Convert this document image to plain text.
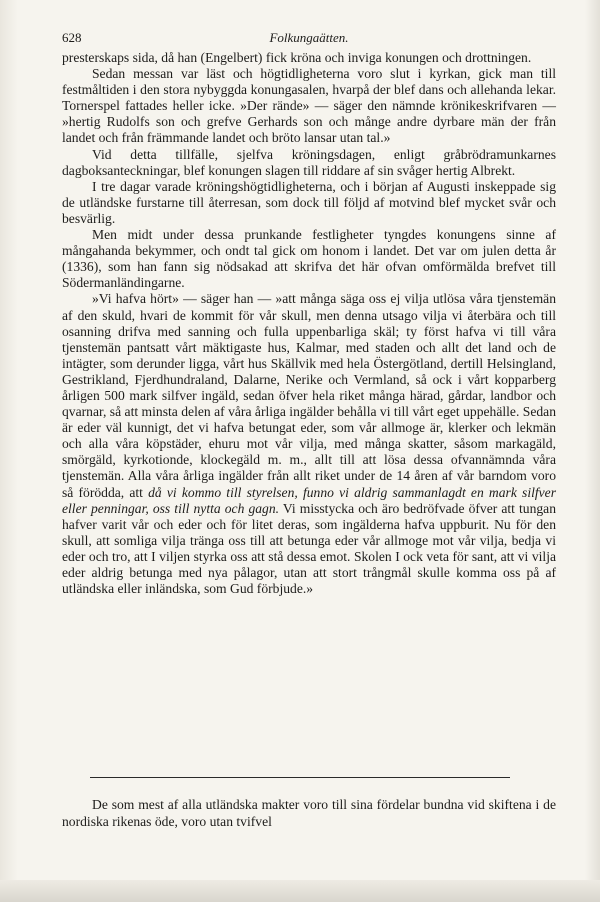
628	Folkungaätten.

presterskaps sida, då han (Engelbert) fick kröna och inviga konungen och drottningen.

Sedan messan var läst och högtidligheterna voro slut i kyrkan, gick man till festmåltiden i den stora nybyggda konungasalen, hvarpå der blef dans och allehanda lekar. Tornerspel fattades heller icke. »Der rände» — säger den nämnde krönikeskrifvaren — »hertig Rudolfs son och grefve Gerhards son och månge andre dyrbare män der från landet och från främmande landet och bröto lansar utan tal.»

Vid detta tillfälle, sjelfva kröningsdagen, enligt gråbrödramunkarnes dagboksanteckningar, blef konungen slagen till riddare af sin svåger hertig Albrekt.

I tre dagar varade kröningshögtidligheterna, och i början af Augusti inskeppade sig de utländske furstarne till återresan, som dock till följd af motvind blef mycket svår och besvärlig.

Men midt under dessa prunkande festligheter tyngdes konungens sinne af mångahanda bekymmer, och ondt tal gick om honom i landet. Det var om julen detta år (1336), som han fann sig nödsakad att skrifva det här ofvan omförmälda brefvet till Södermanländingarne.

»Vi hafva hört» — säger han — »att många säga oss ej vilja utlösa våra tjenstemän af den skuld, hvari de kommit för vår skull, men denna utsago vilja vi återbära och till osanning drifva med sanning och fulla uppenbarliga skäl; ty först hafva vi till våra tjenstemän pantsatt vårt mäktigaste hus, Kalmar, med staden och allt det land och de intägter, som derunder ligga, vårt hus Skällvik med hela Östergötland, dertill Helsingland, Gestrikland, Fjerdhundraland, Dalarne, Nerike och Vermland, så ock i vårt kopparberg årligen 500 mark silfver ingäld, sedan öfver hela riket många härad, gårdar, landbor och qvarnar, så att minsta delen af våra årliga ingälder behålla vi till vårt eget uppehälle. Sedan är eder väl kunnigt, det vi hafva betungat eder, som vår allmoge är, klerker och lekmän och alla våra köpstäder, ehuru mot vår vilja, med många skatter, såsom markagäld, smörgäld, kyrkotionde, klockegäld m. m., allt till att lösa dessa ofvannämnda våra tjenstemän. Alla våra årliga ingälder från allt riket under de 14 åren af vår barndom voro så förödda, att då vi kommo till styrelsen, funno vi aldrig sammanlagdt en mark silfver eller penningar, oss till nytta och gagn. Vi misstycka och äro bedröfvade öfver att tungan hafver varit vår och eder och för litet deras, som ingälderna hafva uppburit. Nu för den skull, att somliga vilja tränga oss till att betunga eder vår allmoge mot vår vilja, bedja vi eder och tro, att I viljen styrka oss att stå dessa emot. Skolen I ock veta för sant, att vi vilja eder aldrig betunga med nya pålagor, utan att stort trångmål skulle komma oss på af utländska eller inländska, som Gud förbjude.»

De som mest af alla utländska makter voro till sina fördelar bundna vid skiftena i de nordiska rikenas öde, voro utan tvifvel
